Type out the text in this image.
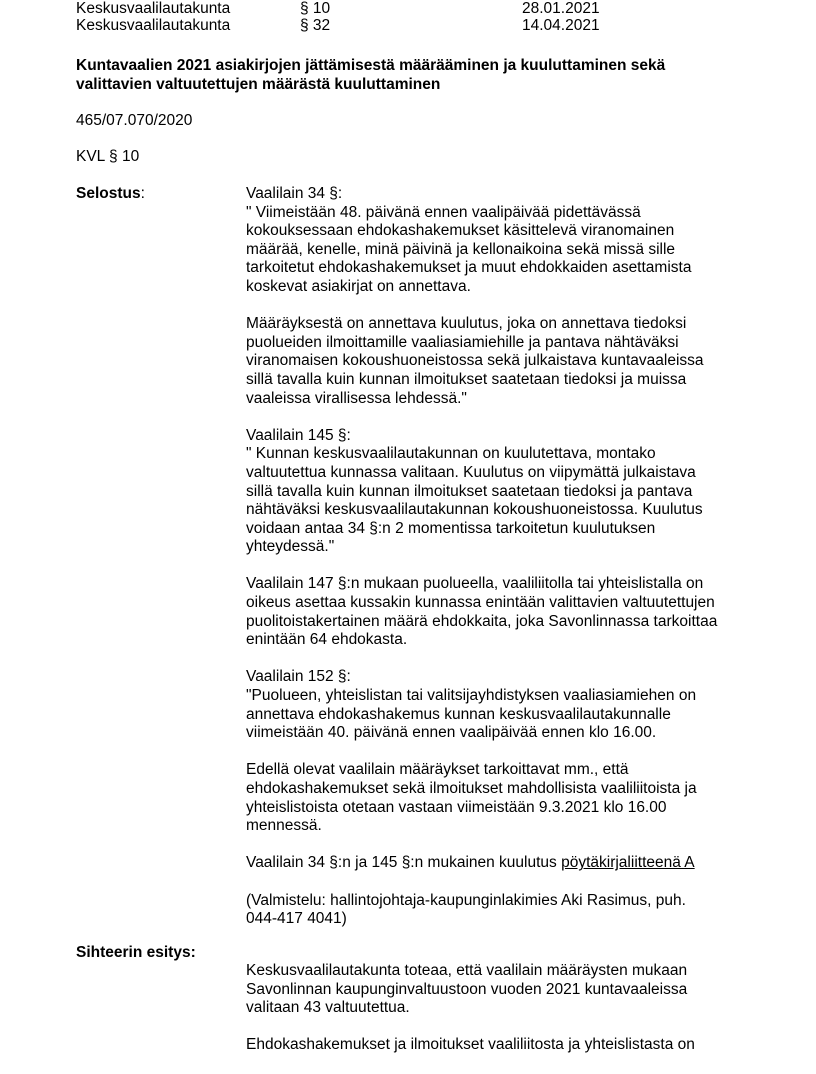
Keskusvaalilautakunta	§ 10	28.01.2021
Keskusvaalilautakunta	§ 32	14.04.2021
Kuntavaalien 2021 asiakirjojen jättämisestä määrääminen ja kuuluttaminen sekä valittavien valtuutettujen määrästä kuuluttaminen
465/07.070/2020
KVL § 10
Selostus:	Vaalilain 34 §:
" Viimeistään 48. päivänä ennen vaalipäivää pidettävässä
kokouksessaan ehdokashakemukset käsittelevä viranomainen
määrää, kenelle, minä päivinä ja kellonaikoina sekä missä sille
tarkoitetut ehdokashakemukset ja muut ehdokkaiden asettamista
koskevat asiakirjat on annettava.
Määräyksestä on annettava kuulutus, joka on annettava tiedoksi
puolueiden ilmoittamille vaaliasiamiehille ja pantava nähtäväksi
viranomaisen kokoushuoneistossa sekä julkaistava kuntavaaleissa
sillä tavalla kuin kunnan ilmoitukset saatetaan tiedoksi ja muissa
vaaleissa virallisessa lehdessä."
Vaalilain 145 §:
" Kunnan keskusvaalilautakunnan on kuulutettava, montako
valtuutettua kunnassa valitaan. Kuulutus on viipymättä julkaistava
sillä tavalla kuin kunnan ilmoitukset saatetaan tiedoksi ja pantava
nähtäväksi keskusvaalilautakunnan kokoushuoneistossa. Kuulutus
voidaan antaa 34 §:n 2 momentissa tarkoitetun kuulutuksen
yhteydessä."
Vaalilain 147 §:n mukaan puolueella, vaaliliitolla tai yhteislistalla on
oikeus asettaa kussakin kunnassa enintään valittavien valtuutettujen
puolitoistakertainen määrä ehdokkaita, joka Savonlinnassa tarkoittaa
enintään 64 ehdokasta.
Vaalilain 152 §:
"Puolueen, yhteislistan tai valitsijayhdistyksen vaaliasiamiehen on
annettava ehdokashakemus kunnan keskusvaalilautakunnalle
viimeistään 40. päivänä ennen vaalipäivää ennen klo 16.00.
Edellä olevat vaalilain määräykset tarkoittavat mm., että
ehdokashakemukset sekä ilmoitukset mahdollisista vaaliliitoista ja
yhteislistoista otetaan vastaan viimeistään 9.3.2021 klo 16.00
mennessä.

Vaalilain 34 §:n ja 145 §:n mukainen kuulutus pöytäkirjaliitteenä A

(Valmistelu: hallintojohtaja-kaupunginlakimies Aki Rasimus, puh.
044-417 4041)

Sihteerin esitys:
Keskusvaalilautakunta toteaa, että vaalilain määräysten mukaan
Savonlinnan kaupunginvaltuustoon vuoden 2021 kuntavaaleissa
valitaan 43 valtuutettua.
Ehdokashakemukset ja ilmoitukset vaaliliitosta ja yhteislistasta on
